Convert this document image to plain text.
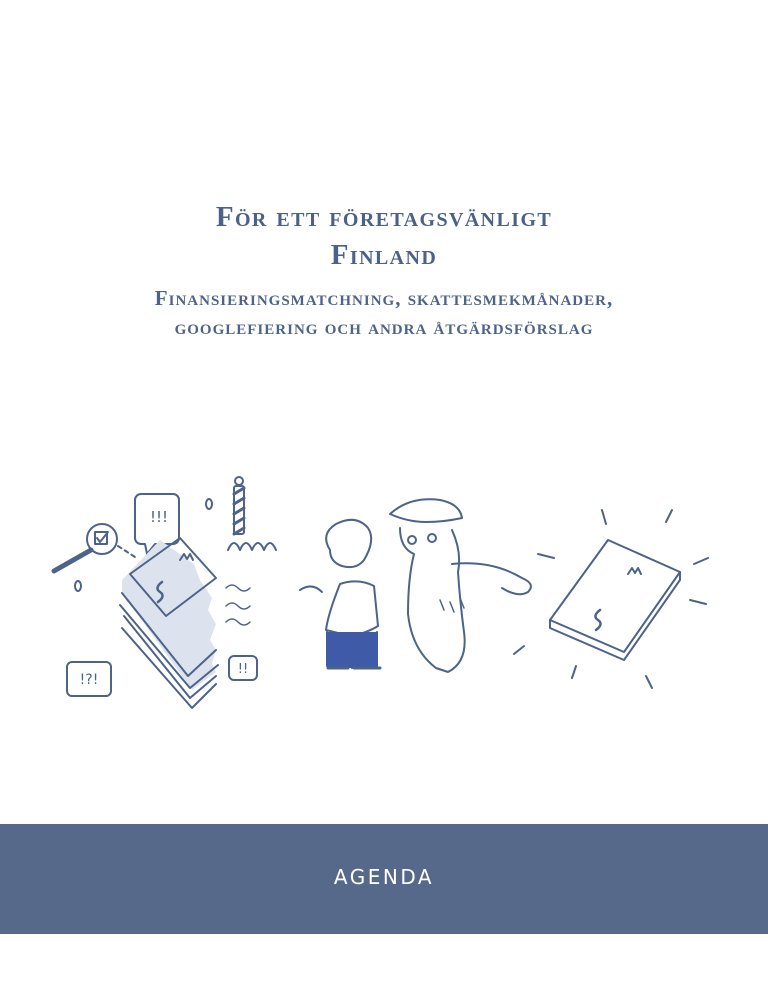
För ett företagsvänligt
Finland
Finansieringsmatchning, skattesmekmånader,
googlefiering och andra åtgärdsförslag
!!!
!?!
!!
AGENDA
